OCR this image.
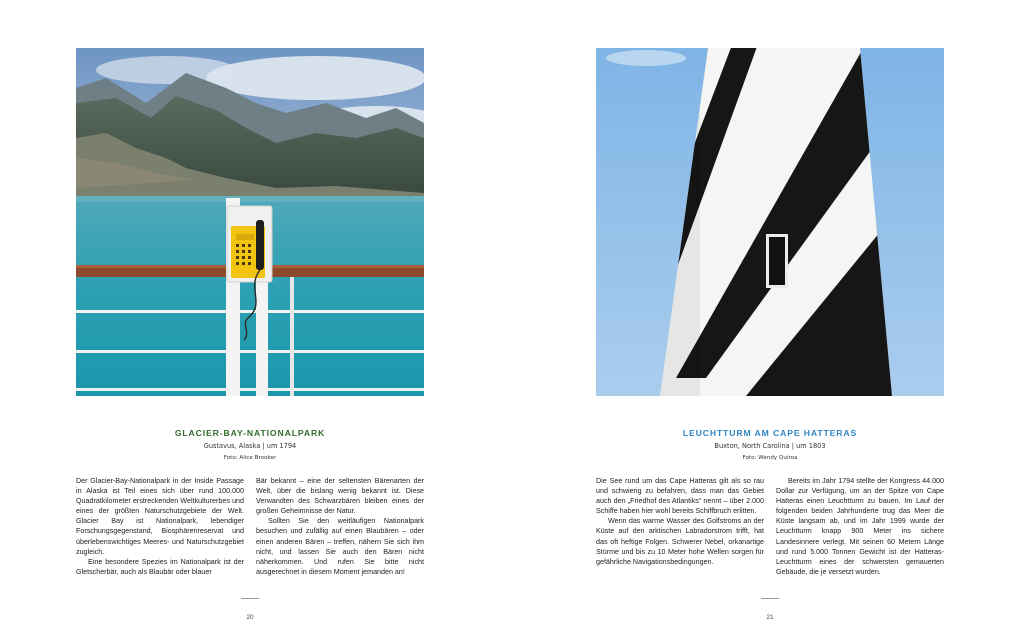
GLACIER-BAY-NATIONALPARK
Gustavus, Alaska | um 1794
Foto: Alice Brooker

Der Glacier-Bay-Nationalpark in der Inside Passage in Alaska ist Teil eines sich über rund 100.000 Quadratkilometer erstreckenden Weltkulturerbes und eines der größten Naturschutzgebiete der Welt. Glacier Bay ist Nationalpark, lebendiger Forschungsgegenstand, Biosphärenreservat und überlebenswichtiges Meeres- und Naturschutzgebiet zugleich.

Eine besondere Spezies im Nationalpark ist der Gletscherbär, auch als Blaubär oder blauer

Bär bekannt – eine der seltensten Bärenarten der Welt, über die bislang wenig bekannt ist. Diese Verwandten des Schwarzbären bleiben eines der großen Geheimnisse der Natur.

Sollten Sie den weitläufigen Nationalpark besuchen und zufällig auf einen Blaubären – oder einen anderen Bären – treffen, nähern Sie sich ihm nicht, und lassen Sie auch den Bären nicht näherkommen. Und rufen Sie bitte nicht ausgerechnet in diesem Moment jemanden an!

20
LEUCHTTURM AM CAPE HATTERAS
Buxton, North Carolina | um 1803
Foto: Wendy Quiroa

Die See rund um das Cape Hatteras gilt als so rau und schwierig zu befahren, dass man das Gebiet auch den „Friedhof des Atlantiks“ nennt – über 2.000 Schiffe haben hier wohl bereits Schiffbruch erlitten.

Wenn das warme Wasser des Golfstroms an der Küste auf den arktischen Labradorstrom trifft, hat das oft heftige Folgen. Schwerer Nebel, orkanartige Stürme und bis zu 10 Meter hohe Wellen sorgen für gefährliche Navigationsbedingungen.

Bereits im Jahr 1794 stellte der Kongress 44.000 Dollar zur Verfügung, um an der Spitze von Cape Hatteras einen Leuchtturm zu bauen. Im Lauf der folgenden beiden Jahrhunderte trug das Meer die Küste langsam ab, und im Jahr 1999 wurde der Leuchtturm knapp 900 Meter ins sichere Landesinnere verlegt. Mit seinen 60 Metern Länge und rund 5.000 Tonnen Gewicht ist der Hatteras-Leuchtturm eines der schwersten gemauerten Gebäude, die je versetzt wurden.

21
